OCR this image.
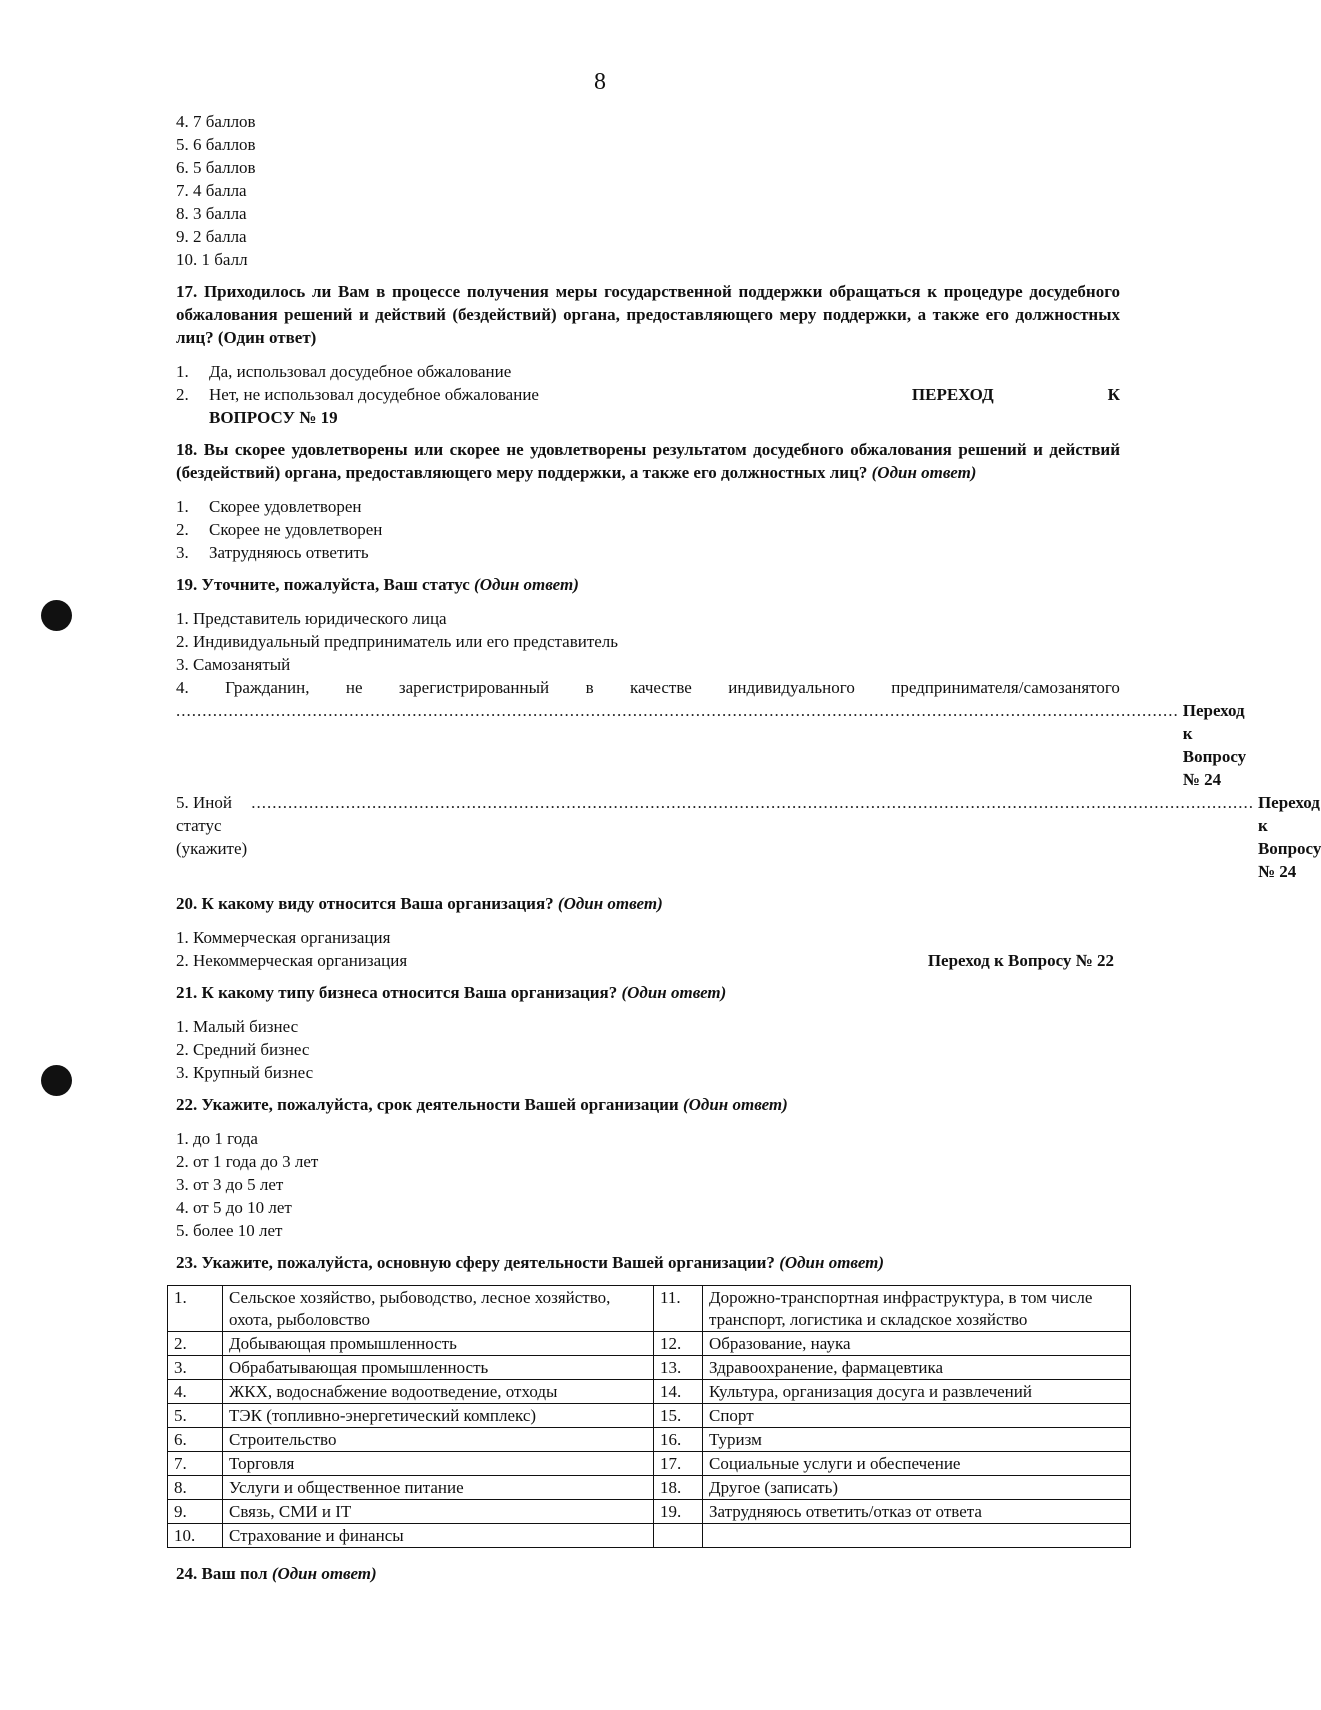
8

4. 7 баллов

5. 6 баллов

6. 5 баллов

7. 4 балла

8. 3 балла

9. 2 балла

10. 1 балл

17. Приходилось ли Вам в процессе получения меры государственной поддержки обращаться к процедуре досудебного обжалования решений и действий (бездействий) органа, предоставляющего меру поддержки, а также его должностных лиц? (Один ответ)

1.	Да, использовал досудебное обжалование
2.	Нет, не использовал досудебное обжалование	ПЕРЕХОД	К
ВОПРОСУ № 19

18. Вы скорее удовлетворены или скорее не удовлетворены результатом досудебного обжалования решений и действий (бездействий) органа, предоставляющего меру поддержки, а также его должностных лиц? (Один ответ)

1.	Скорее удовлетворен
2.	Скорее не удовлетворен
3.	Затрудняюсь ответить

19. Уточните, пожалуйста, Ваш статус (Один ответ)

1. Представитель юридического лица

2. Индивидуальный предприниматель или его представитель

3. Самозанятый

4. Гражданин, не зарегистрированный в качестве индивидуального предпринимателя/самозанятого
............................................................................................................................................................................................... Переход к Вопросу № 24
5. Иной статус (укажите)
............................................................................................................................................................................................... Переход к Вопросу № 24

20. К какому виду относится Ваша организация? (Один ответ)

1. Коммерческая организация

2. Некоммерческая организация	Переход к Вопросу № 22

21. К какому типу бизнеса относится Ваша организация? (Один ответ)

1. Малый бизнес

2. Средний бизнес

3. Крупный бизнес

22. Укажите, пожалуйста, срок деятельности Вашей организации (Один ответ)

1. до 1 года

2. от 1 года до 3 лет

3. от 3 до 5 лет

4. от 5 до 10 лет

5. более 10 лет

23. Укажите, пожалуйста, основную сферу деятельности Вашей организации? (Один ответ)

1.	Сельское хозяйство, рыбоводство, лесное хозяйство, охота, рыболовство	11.	Дорожно-транспортная инфраструктура, в том числе транспорт, логистика и складское хозяйство
2.	Добывающая промышленность	12.	Образование, наука
3.	Обрабатывающая промышленность	13.	Здравоохранение, фармацевтика
4.	ЖКХ, водоснабжение водоотведение, отходы	14.	Культура, организация досуга и развлечений
5.	ТЭК (топливно-энергетический комплекс)	15.	Спорт
6.	Строительство	16.	Туризм
7.	Торговля	17.	Социальные услуги и обеспечение
8.	Услуги и общественное питание	18.	Другое (записать)
9.	Связь, СМИ и IT	19.	Затрудняюсь ответить/отказ от ответа
10.	Страхование и финансы		

24. Ваш пол (Один ответ)
